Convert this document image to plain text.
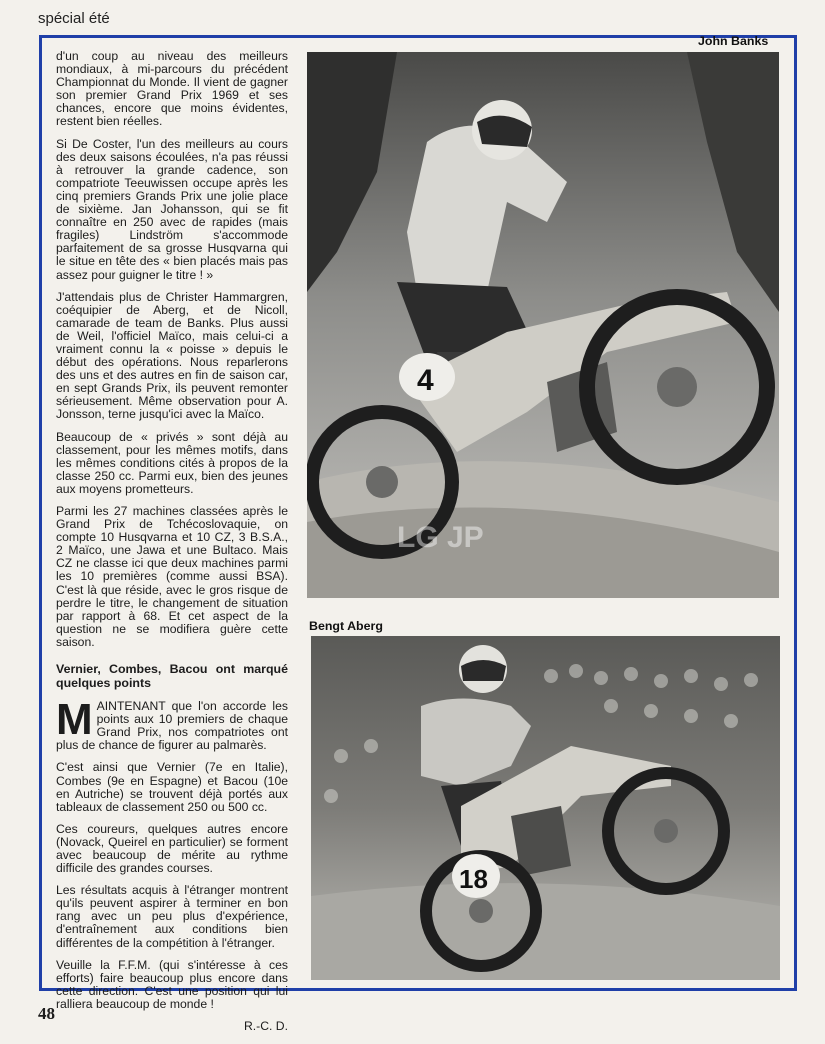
spécial été

d'un coup au niveau des meilleurs mondiaux, à mi-parcours du précédent Championnat du Monde. Il vient de gagner son premier Grand Prix 1969 et ses chances, encore que moins évidentes, restent bien réelles.

Si De Coster, l'un des meilleurs au cours des deux saisons écoulées, n'a pas réussi à retrouver la grande cadence, son compatriote Teeuwissen occupe après les cinq premiers Grands Prix une jolie place de sixième. Jan Johansson, qui se fit connaître en 250 avec de rapides (mais fragiles) Lindström s'accommode parfaitement de sa grosse Husqvarna qui le situe en tête des « bien placés mais pas assez pour guigner le titre ! »

J'attendais plus de Christer Hammargren, coéquipier de Aberg, et de Nicoll, camarade de team de Banks. Plus aussi de Weil, l'officiel Maïco, mais celui-ci a vraiment connu la « poisse » depuis le début des opérations. Nous reparlerons des uns et des autres en fin de saison car, en sept Grands Prix, ils peuvent remonter sérieusement. Même observation pour A. Jonsson, terne jusqu'ici avec la Maïco.

Beaucoup de « privés » sont déjà au classement, pour les mêmes motifs, dans les mêmes conditions cités à propos de la classe 250 cc. Parmi eux, bien des jeunes aux moyens prometteurs.

Parmi les 27 machines classées après le Grand Prix de Tchécoslovaquie, on compte 10 Husqvarna et 10 CZ, 3 B.S.A., 2 Maïco, une Jawa et une Bultaco. Mais CZ ne classe ici que deux machines parmi les 10 premières (comme aussi BSA). C'est là que réside, avec le gros risque de perdre le titre, le changement de situation par rapport à 68. Et cet aspect de la question ne se modifiera guère cette saison.

Vernier, Combes, Bacou ont marqué quelques points

MAINTENANT que l'on accorde les points aux 10 premiers de chaque Grand Prix, nos compatriotes ont plus de chance de figurer au palmarès.

C'est ainsi que Vernier (7e en Italie), Combes (9e en Espagne) et Bacou (10e en Autriche) se trouvent déjà portés aux tableaux de classement 250 ou 500 cc.

Ces coureurs, quelques autres encore (Novack, Queirel en particulier) se forment avec beaucoup de mérite au rythme difficile des grandes courses.

Les résultats acquis à l'étranger montrent qu'ils peuvent aspirer à terminer en bon rang avec un peu plus d'expérience, d'entraînement aux conditions bien différentes de la compétition à l'étranger.

Veuille la F.F.M. (qui s'intéresse à ces efforts) faire beaucoup plus encore dans cette direction. C'est une position qui lui ralliera beaucoup de monde !

R.-C. D.

John Banks
4
LG JP
Bengt Aberg
18
48
